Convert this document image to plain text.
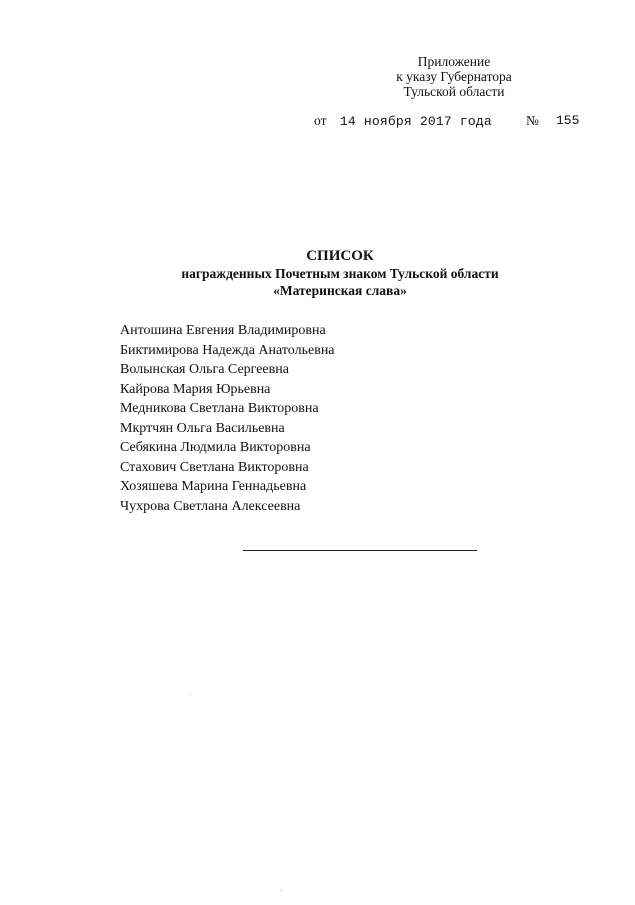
Приложение
к указу Губернатора
Тульской области
от 14 ноября 2017 года	№ 155
СПИСОК
награжденных Почетным знаком Тульской области
«Материнская слава»
Антошина Евгения Владимировна
Биктимирова Надежда Анатольевна
Волынская Ольга Сергеевна
Кайрова Мария Юрьевна
Медникова Светлана Викторовна
Мкртчян Ольга Васильевна
Себякина Людмила Викторовна
Стахович Светлана Викторовна
Хозяшева Марина Геннадьевна
Чухрова Светлана Алексеевна
